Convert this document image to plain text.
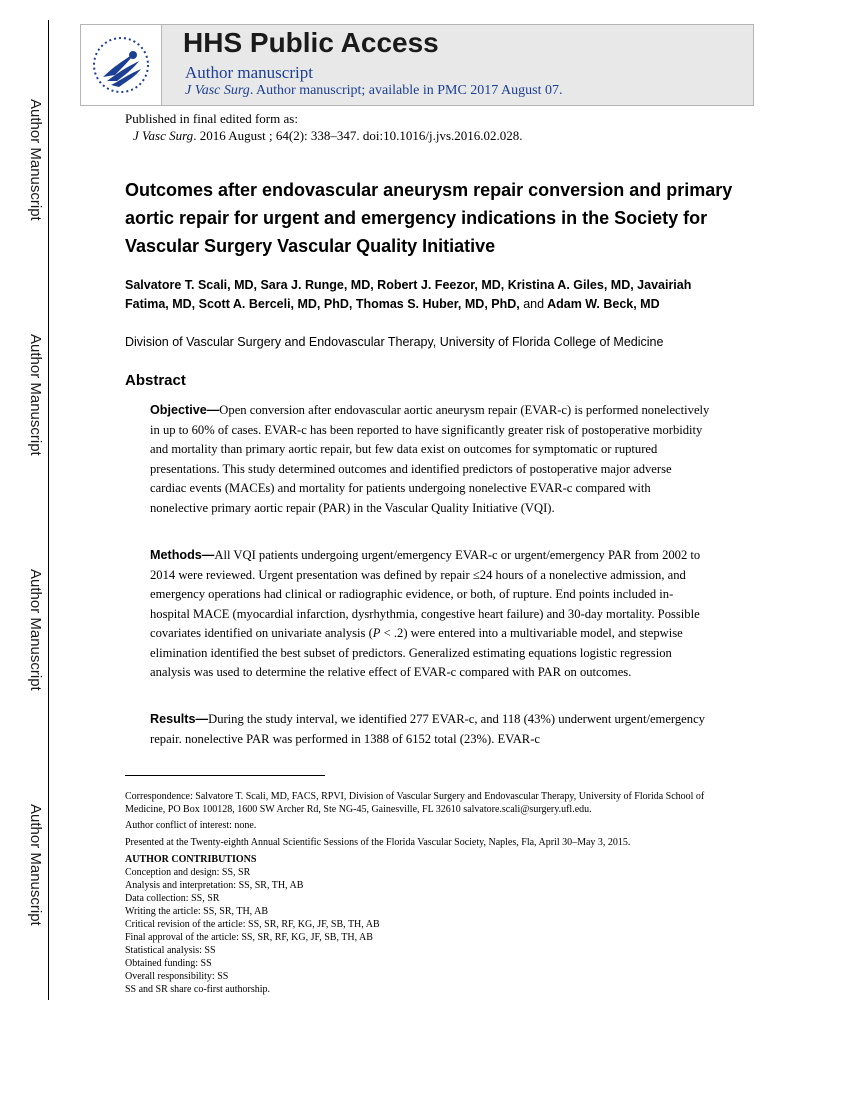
Author Manuscript
Author Manuscript
Author Manuscript
Author Manuscript
HHS Public Access
Author manuscript
J Vasc Surg. Author manuscript; available in PMC 2017 August 07.
Published in final edited form as:
J Vasc Surg. 2016 August ; 64(2): 338–347. doi:10.1016/j.jvs.2016.02.028.
Outcomes after endovascular aneurysm repair conversion and primary aortic repair for urgent and emergency indications in the Society for Vascular Surgery Vascular Quality Initiative
Salvatore T. Scali, MD, Sara J. Runge, MD, Robert J. Feezor, MD, Kristina A. Giles, MD, Javairiah Fatima, MD, Scott A. Berceli, MD, PhD, Thomas S. Huber, MD, PhD, and Adam W. Beck, MD
Division of Vascular Surgery and Endovascular Therapy, University of Florida College of Medicine
Abstract
Objective—Open conversion after endovascular aortic aneurysm repair (EVAR-c) is performed nonelectively in up to 60% of cases. EVAR-c has been reported to have significantly greater risk of postoperative morbidity and mortality than primary aortic repair, but few data exist on outcomes for symptomatic or ruptured presentations. This study determined outcomes and identified predictors of postoperative major adverse cardiac events (MACEs) and mortality for patients undergoing nonelective EVAR-c compared with nonelective primary aortic repair (PAR) in the Vascular Quality Initiative (VQI).
Methods—All VQI patients undergoing urgent/emergency EVAR-c or urgent/emergency PAR from 2002 to 2014 were reviewed. Urgent presentation was defined by repair ≤24 hours of a nonelective admission, and emergency operations had clinical or radiographic evidence, or both, of rupture. End points included in-hospital MACE (myocardial infarction, dysrhythmia, congestive heart failure) and 30-day mortality. Possible covariates identified on univariate analysis (P < .2) were entered into a multivariable model, and stepwise elimination identified the best subset of predictors. Generalized estimating equations logistic regression analysis was used to determine the relative effect of EVAR-c compared with PAR on outcomes.
Results—During the study interval, we identified 277 EVAR-c, and 118 (43%) underwent urgent/emergency repair. nonelective PAR was performed in 1388 of 6152 total (23%). EVAR-c
Correspondence: Salvatore T. Scali, MD, FACS, RPVI, Division of Vascular Surgery and Endovascular Therapy, University of Florida School of Medicine, PO Box 100128, 1600 SW Archer Rd, Ste NG-45, Gainesville, FL 32610 salvatore.scali@surgery.ufl.edu.
Author conflict of interest: none.
Presented at the Twenty-eighth Annual Scientific Sessions of the Florida Vascular Society, Naples, Fla, April 30–May 3, 2015.
AUTHOR CONTRIBUTIONS
Conception and design: SS, SR
Analysis and interpretation: SS, SR, TH, AB
Data collection: SS, SR
Writing the article: SS, SR, TH, AB
Critical revision of the article: SS, SR, RF, KG, JF, SB, TH, AB
Final approval of the article: SS, SR, RF, KG, JF, SB, TH, AB
Statistical analysis: SS
Obtained funding: SS
Overall responsibility: SS
SS and SR share co-first authorship.
